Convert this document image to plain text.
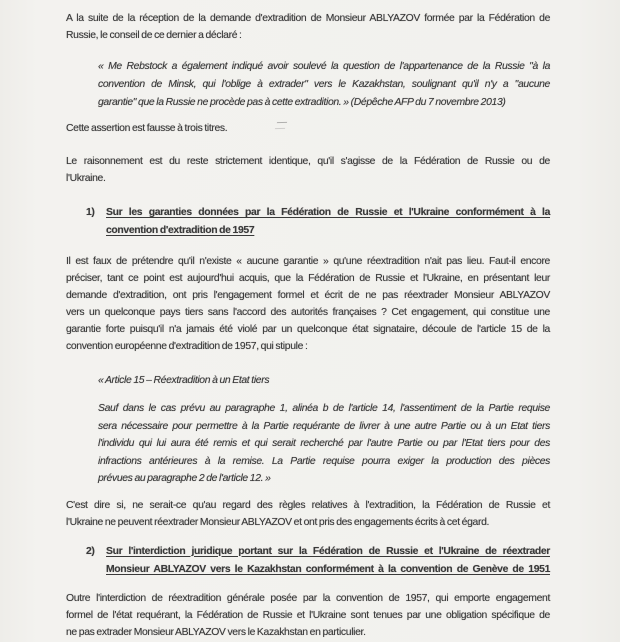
A la suite de la réception de la demande d'extradition de Monsieur ABLYAZOV formée par la Fédération de
Russie, le conseil de ce dernier a déclaré :

« Me Rebstock a également indiqué avoir soulevé la question de l'appartenance de la Russie "à la
convention de Minsk, qui l'oblige à extrader" vers le Kazakhstan, soulignant qu'il n'y a "aucune
garantie" que la Russie ne procède pas à cette extradition. » (Dépêche AFP du 7 novembre 2013)

Cette assertion est fausse à trois titres.

Le raisonnement est du reste strictement identique, qu'il s'agisse de la Fédération de Russie ou de
l'Ukraine.

1) Sur les garanties données par la Fédération de Russie et l'Ukraine conformément à la
convention d'extradition de 1957

Il est faux de prétendre qu'il n'existe « aucune garantie » qu'une réextradition n'ait pas lieu. Faut-il encore
préciser, tant ce point est aujourd'hui acquis, que la Fédération de Russie et l'Ukraine, en présentant leur
demande d'extradition, ont pris l'engagement formel et écrit de ne pas réextrader Monsieur ABLYAZOV
vers un quelconque pays tiers sans l'accord des autorités françaises ? Cet engagement, qui constitue une
garantie forte puisqu'il n'a jamais été violé par un quelconque état signataire, découle de l'article 15 de la
convention européenne d'extradition de 1957, qui stipule :

« Article 15 – Réextradition à un Etat tiers
Sauf dans le cas prévu au paragraphe 1, alinéa b de l'article 14, l'assentiment de la Partie requise
sera nécessaire pour permettre à la Partie requérante de livrer à une autre Partie ou à un Etat tiers
l'individu qui lui aura été remis et qui serait recherché par l'autre Partie ou par l'Etat tiers pour des
infractions antérieures à la remise. La Partie requise pourra exiger la production des pièces
prévues au paragraphe 2 de l'article 12. »

C'est dire si, ne serait-ce qu'au regard des règles relatives à l'extradition, la Fédération de Russie et
l'Ukraine ne peuvent réextrader Monsieur ABLYAZOV et ont pris des engagements écrits à cet égard.

2) Sur l'interdiction juridique portant sur la Fédération de Russie et l'Ukraine de réextrader
Monsieur ABLYAZOV vers le Kazakhstan conformément à la convention de Genève de 1951

Outre l'interdiction de réextradition générale posée par la convention de 1957, qui emporte engagement
formel de l'état requérant, la Fédération de Russie et l'Ukraine sont tenues par une obligation spécifique de
ne pas extrader Monsieur ABLYAZOV vers le Kazakhstan en particulier.
